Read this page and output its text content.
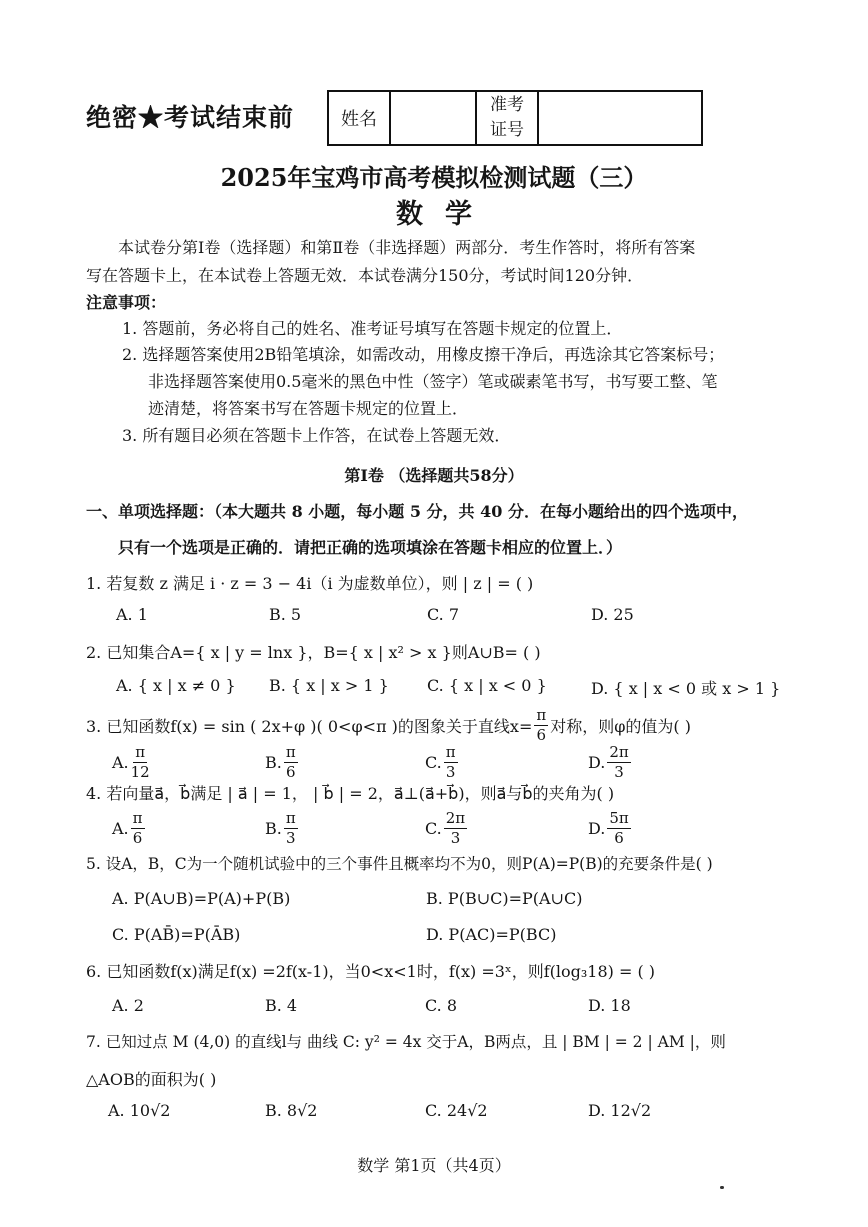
绝密★考试结束前	姓名
准考
证号
2025年宝鸡市高考模拟检测试题（三）
数学
本试卷分第Ⅰ卷（选择题）和第Ⅱ卷（非选择题）两部分．考生作答时，将所有答案
写在答题卡上，在本试卷上答题无效．本试卷满分150分，考试时间120分钟．
注意事项：
1. 答题前，务必将自己的姓名、准考证号填写在答题卡规定的位置上．
2. 选择题答案使用2B铅笔填涂，如需改动，用橡皮擦干净后，再选涂其它答案标号；
非选择题答案使用0.5毫米的黑色中性（签字）笔或碳素笔书写，书写要工整、笔
迹清楚，将答案书写在答题卡规定的位置上．
3. 所有题目必须在答题卡上作答，在试卷上答题无效．
第Ⅰ卷 （选择题共58分）
一、单项选择题：（本大题共 8 小题，每小题 5 分，共 40 分．在每小题给出的四个选项中，
只有一个选项是正确的．请把正确的选项填涂在答题卡相应的位置上．）
1. 若复数 z 满足 i · z = 3 − 4i（i 为虚数单位），则 | z | = ( )
A. 1	B. 5	C. 7	D. 25
2. 已知集合A={ x | y = lnx }，B={ x | x² > x }则A∪B= ( )
A. { x | x ≠ 0 } B. { x | x > 1 } C. { x | x < 0 }	D. { x | x < 0 或 x > 1 }
3. 已知函数f(x) = sin ( 2x+φ )( 0<φ<π )的图象关于直线$x= \frac{\pi}{6}$ 对称，则φ的值为( )
A. $\frac{\pi}{12}$	B. $\frac{\pi}{6}$	C. $\frac{\pi}{3}$	D. $\frac{2\pi}{3}$
4. 若向量a⃗，b⃗满足 | a⃗ | = 1， | b⃗ | = 2，a⃗⊥(a⃗+b⃗)，则a⃗与b⃗的夹角为( )
A. $\frac{\pi}{6}$	B. $\frac{\pi}{3}$	C. $\frac{2\pi}{3}$	D. $\frac{5\pi}{6}$
5. 设A，B，C为一个随机试验中的三个事件且概率均不为0，则P(A)=P(B)的充要条件是( )
A. P(A∪B)=P(A)+P(B)	B. P(B∪C)=P(A∪C)
C. P(AB̄)=P(ĀB)	D. P(AC)=P(BC)
6. 已知函数f(x)满足f(x) =2f(x-1)，当0<x<1时，f(x) =3ˣ，则f(log₃18) = ( )
A. 2	B. 4	C. 8	D. 18
7. 已知过点 M (4,0) 的直线l与 曲线 C: y² = 4x 交于A，B两点，且 | BM | = 2 | AM |，则
△AOB的面积为( )
A. 10√2	B. 8√2	C. 24√2	D. 12√2
数学 第1页（共4页）
